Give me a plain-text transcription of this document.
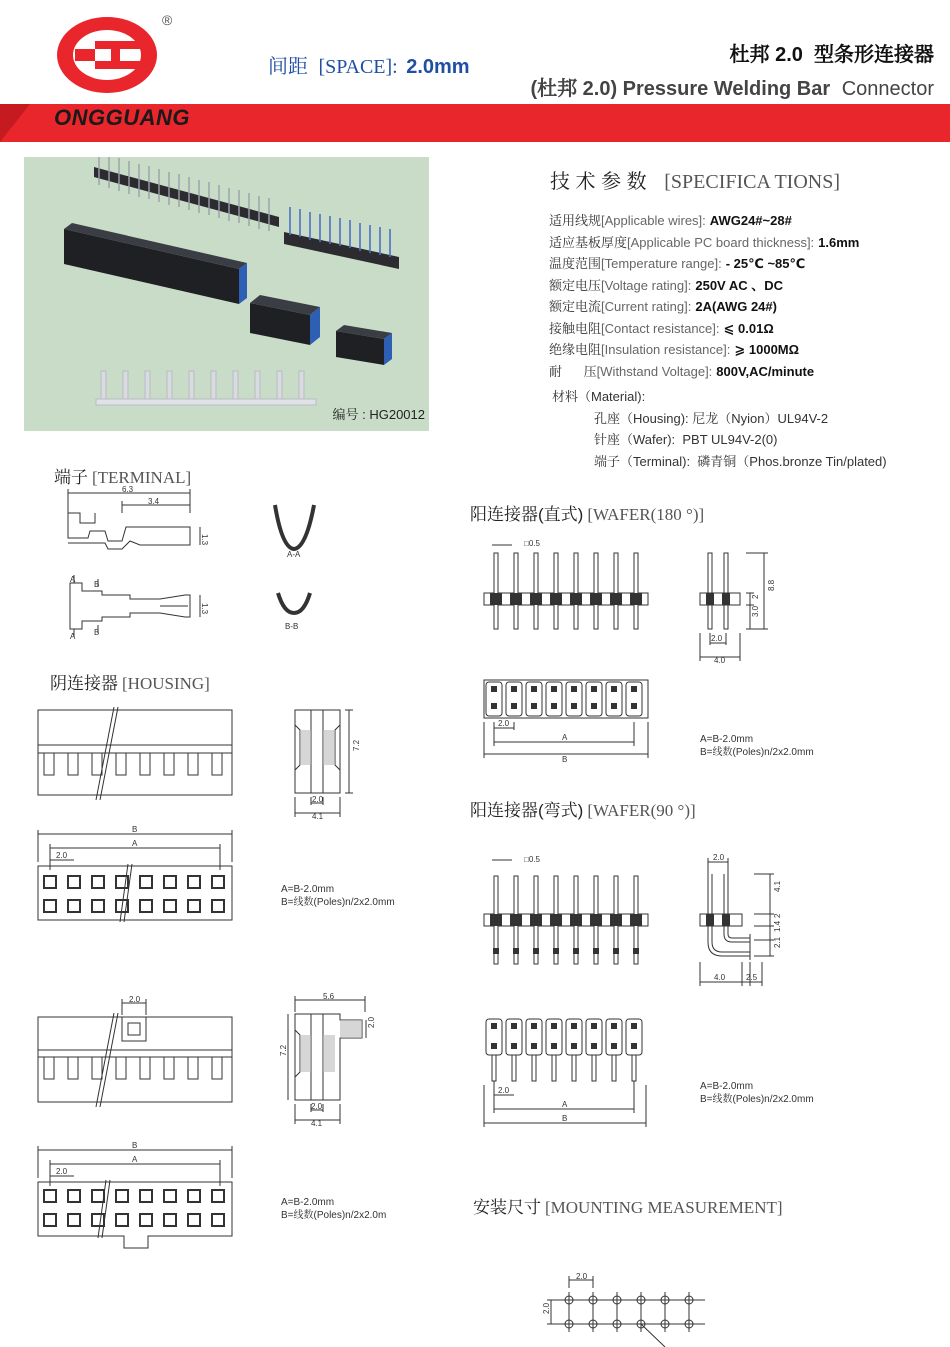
®
ONGGUANG
间距 [SPACE]: 2.0mm
杜邦 2.0  型条形连接器
(杜邦 2.0) Pressure Welding Bar Connector
编号 : HG20012
技 术 参 数 [SPECIFICA TIONS]
适用线规[Applicable wires]: AWG24#~28#
适应基板厚度[Applicable PC board thickness]: 1.6mm
温度范围[Temperature range]: - 25℃ ~85℃
额定电压[Voltage rating]: 250V AC 、DC
额定电流[Current rating]: 2A(AWG 24#)
接触电阻[Contact resistance]: ⩽ 0.01Ω
绝缘电阻[Insulation resistance]: ⩾ 1000MΩ
耐      压[Withstand Voltage]: 800V,AC/minute
材料（Material):
孔座（Housing): 尼龙（Nyion）UL94V-2
针座（Wafer):  PBT UL94V-2(0)
端子（Terminal):  磷青铜（Phos.bronze Tin/plated)
端子 [TERMINAL]
6.3
3.4
1.3
A
B
A B
1.3
A-A
B-B
阴连接器 [HOUSING]
7.2
2.0
4.1
B
A
2.0
A=B-2.0mm
B=线数(Poles)n/2x2.0mm
2.0
7.2
5.6
2.0
2.0
4.1
B
A
2.0
A=B-2.0mm
B=线数(Poles)n/2x2.0m
阳连接器(直式) [WAFER(180 °)]
□0.5
8.8
2
3.0
2.0
4.0
2.0
A
B
A=B-2.0mm
B=线数(Poles)n/2x2.0mm
阳连接器(弯式) [WAFER(90 °)]
□0.5	2.0
4.1
2
1.4
2.1
4.0	2.5
2.0
A
B
A=B-2.0mm
B=线数(Poles)n/2x2.0mm
安装尺寸 [MOUNTING MEASUREMENT]
2.0
2.0
